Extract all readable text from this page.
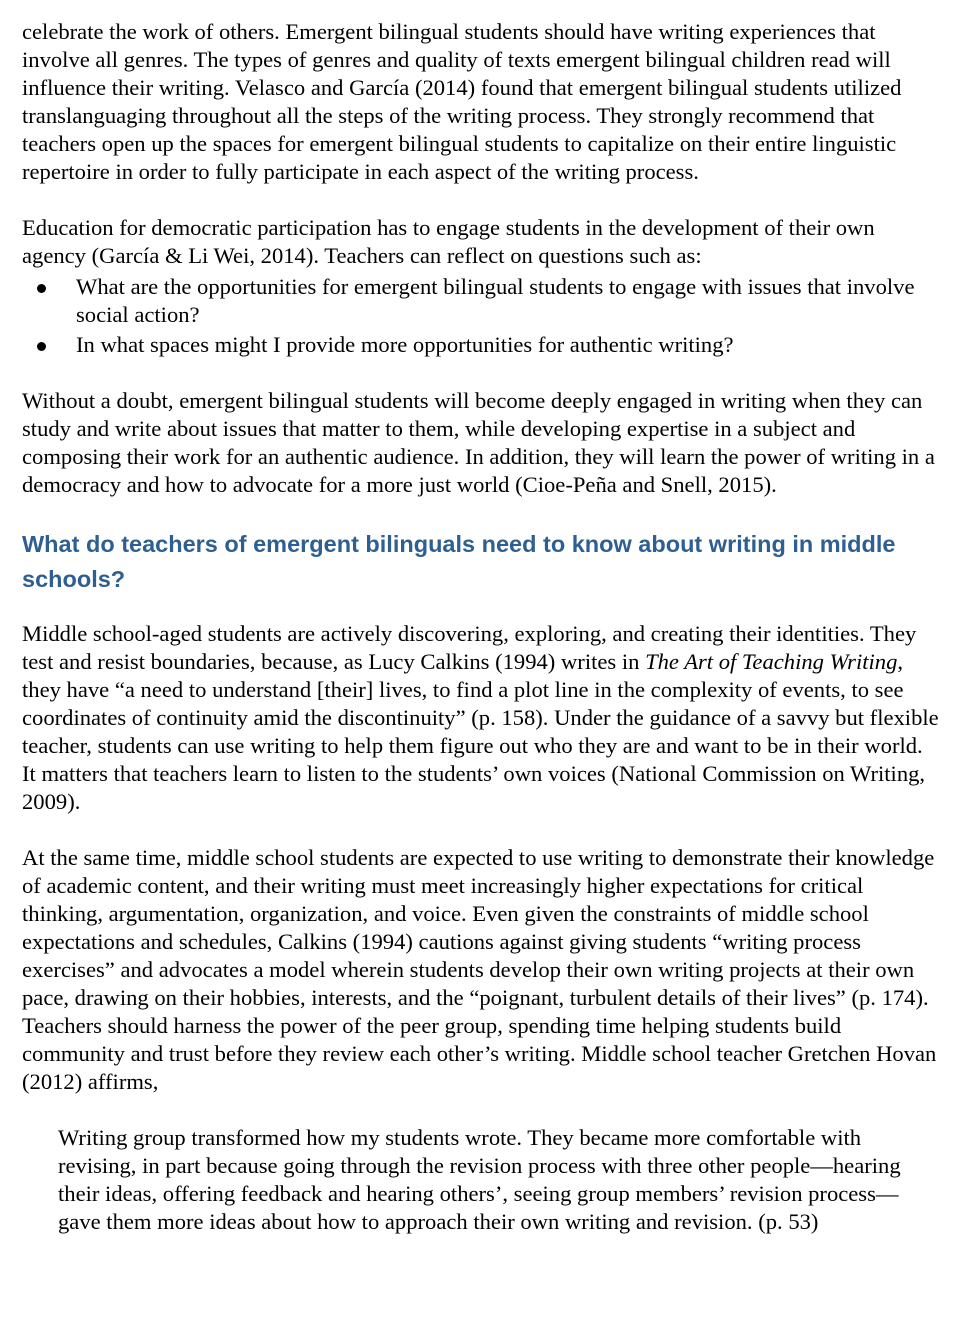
celebrate the work of others. Emergent bilingual students should have writing experiences that involve all genres. The types of genres and quality of texts emergent bilingual children read will influence their writing. Velasco and García (2014) found that emergent bilingual students utilized translanguaging throughout all the steps of the writing process. They strongly recommend that teachers open up the spaces for emergent bilingual students to capitalize on their entire linguistic repertoire in order to fully participate in each aspect of the writing process.

Education for democratic participation has to engage students in the development of their own agency (García & Li Wei, 2014). Teachers can reflect on questions such as:

What are the opportunities for emergent bilingual students to engage with issues that involve social action?
In what spaces might I provide more opportunities for authentic writing?

Without a doubt, emergent bilingual students will become deeply engaged in writing when they can study and write about issues that matter to them, while developing expertise in a subject and composing their work for an authentic audience. In addition, they will learn the power of writing in a democracy and how to advocate for a more just world (Cioe-Peña and Snell, 2015).

What do teachers of emergent bilinguals need to know about writing in middle schools?

Middle school-aged students are actively discovering, exploring, and creating their identities. They test and resist boundaries, because, as Lucy Calkins (1994) writes in The Art of Teaching Writing, they have “a need to understand [their] lives, to find a plot line in the complexity of events, to see coordinates of continuity amid the discontinuity” (p. 158). Under the guidance of a savvy but flexible teacher, students can use writing to help them figure out who they are and want to be in their world. It matters that teachers learn to listen to the students’ own voices (National Commission on Writing, 2009).

At the same time, middle school students are expected to use writing to demonstrate their knowledge of academic content, and their writing must meet increasingly higher expectations for critical thinking, argumentation, organization, and voice. Even given the constraints of middle school expectations and schedules, Calkins (1994) cautions against giving students “writing process exercises” and advocates a model wherein students develop their own writing projects at their own pace, drawing on their hobbies, interests, and the “poignant, turbulent details of their lives” (p. 174). Teachers should harness the power of the peer group, spending time helping students build community and trust before they review each other’s writing. Middle school teacher Gretchen Hovan (2012) affirms,

Writing group transformed how my students wrote. They became more comfortable with revising, in part because going through the revision process with three other people—hearing their ideas, offering feedback and hearing others’, seeing group members’ revision process—gave them more ideas about how to approach their own writing and revision. (p. 53)
